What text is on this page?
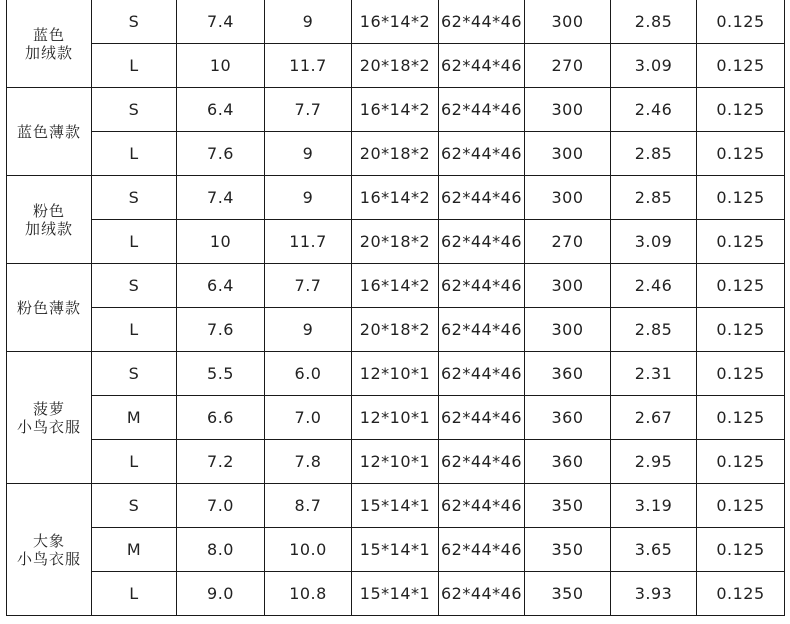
蓝色
加绒款	S	7.4	9	16*14*2	62*44*46	300	2.85	0.125
	L	10	11.7	20*18*2	62*44*46	270	3.09	0.125

蓝色薄款	S	6.4	7.7	16*14*2	62*44*46	300	2.46	0.125
	L	7.6	9	20*18*2	62*44*46	300	2.85	0.125

粉色
加绒款	S	7.4	9	16*14*2	62*44*46	300	2.85	0.125
	L	10	11.7	20*18*2	62*44*46	270	3.09	0.125

粉色薄款	S	6.4	7.7	16*14*2	62*44*46	300	2.46	0.125
	L	7.6	9	20*18*2	62*44*46	300	2.85	0.125

菠萝
小鸟衣服	S	5.5	6.0	12*10*1	62*44*46	360	2.31	0.125
	M	6.6	7.0	12*10*1	62*44*46	360	2.67	0.125
	L	7.2	7.8	12*10*1	62*44*46	360	2.95	0.125

大象
小鸟衣服	S	7.0	8.7	15*14*1	62*44*46	350	3.19	0.125
	M	8.0	10.0	15*14*1	62*44*46	350	3.65	0.125
	L	9.0	10.8	15*14*1	62*44*46	350	3.93	0.125
